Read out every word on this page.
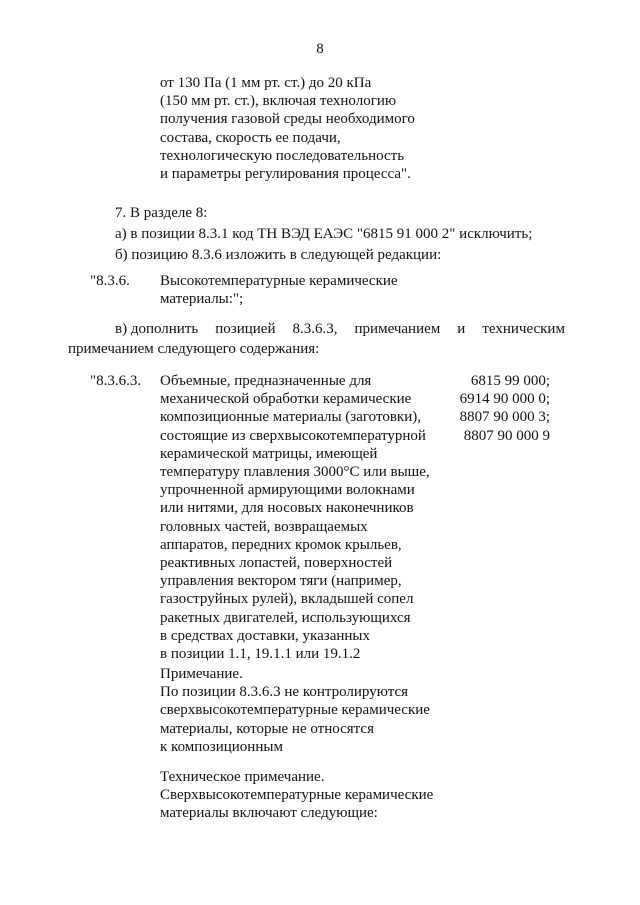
8
от 130 Па (1 мм рт. ст.) до 20 кПа
(150 мм рт. ст.), включая технологию
получения газовой среды необходимого
состава, скорость ее подачи,
технологическую последовательность
и параметры регулирования процесса".
7. В разделе 8:
а) в позиции 8.3.1 код ТН ВЭД ЕАЭС "6815 91 000 2" исключить;
б) позицию 8.3.6 изложить в следующей редакции:
"8.3.6. Высокотемпературные керамические
материалы:";
в) дополнить позицией 8.3.6.3, примечанием и техническим
примечанием следующего содержания:
"8.3.6.3. Объемные, предназначенные для
механической обработки керамические
композиционные материалы (заготовки),
состоящие из сверхвысокотемпературной
керамической матрицы, имеющей
температуру плавления 3000°С или выше,
упрочненной армирующими волокнами
или нитями, для носовых наконечников
головных частей, возвращаемых
аппаратов, передних кромок крыльев,
реактивных лопастей, поверхностей
управления вектором тяги (например,
газоструйных рулей), вкладышей сопел
ракетных двигателей, использующихся
в средствах доставки, указанных
в позиции 1.1, 19.1.1 или 19.1.2
6815 99 000;
6914 90 000 0;
8807 90 000 3;
8807 90 000 9
Примечание.
По позиции 8.3.6.3 не контролируются
сверхвысокотемпературные керамические
материалы, которые не относятся
к композиционным
Техническое примечание.
Сверхвысокотемпературные керамические
материалы включают следующие:
